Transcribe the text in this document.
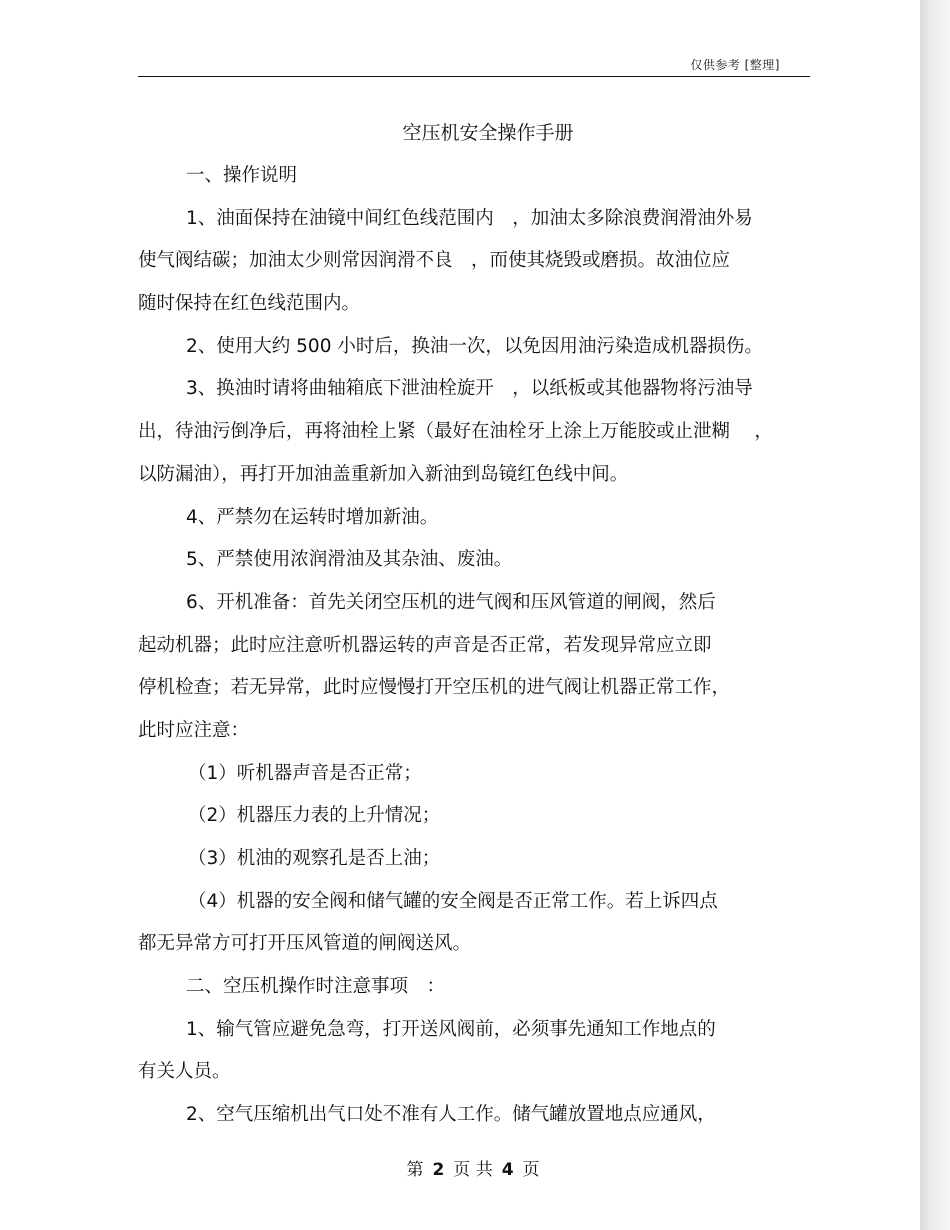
仅供参考 [整理]
空压机安全操作手册
一、操作说明
1、油面保持在油镜中间红色线范围内　，加油太多除浪费润滑油外易
使气阀结碳；加油太少则常因润滑不良　，而使其烧毁或磨损。故油位应
随时保持在红色线范围内。
2、使用大约 500 小时后，换油一次，以免因用油污染造成机器损伤。
3、换油时请将曲轴箱底下泄油栓旋开　，以纸板或其他器物将污油导
出，待油污倒净后，再将油栓上紧（最好在油栓牙上涂上万能胶或止泄糊　 ，
以防漏油），再打开加油盖重新加入新油到岛镜红色线中间。
4、严禁勿在运转时增加新油。
5、严禁使用浓润滑油及其杂油、废油。
6、开机准备：首先关闭空压机的进气阀和压风管道的闸阀，然后
起动机器；此时应注意听机器运转的声音是否正常，若发现异常应立即
停机检查；若无异常，此时应慢慢打开空压机的进气阀让机器正常工作，
此时应注意：
（1）听机器声音是否正常；
（2）机器压力表的上升情况；
（3）机油的观察孔是否上油；
（4）机器的安全阀和储气罐的安全阀是否正常工作。若上诉四点
都无异常方可打开压风管道的闸阀送风。
二、空压机操作时注意事项　：
1、输气管应避免急弯，打开送风阀前，必须事先通知工作地点的
有关人员。
2、空气压缩机出气口处不准有人工作。储气罐放置地点应通风，
第 2 页 共 4 页
